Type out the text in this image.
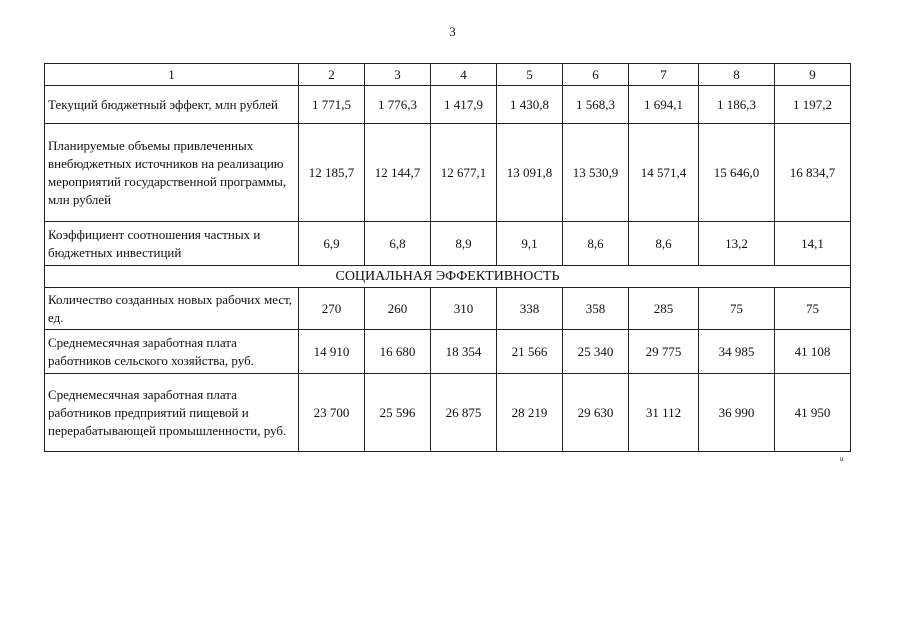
3
1	2	3	4	5	6	7	8	9
Текущий бюджетный эффект, млн рублей	1 771,5	1 776,3	1 417,9	1 430,8	1 568,3	1 694,1	1 186,3	1 197,2
Планируемые объемы привлеченных внебюджетных источников на реализацию мероприятий государственной программы, млн рублей	12 185,7	12 144,7	12 677,1	13 091,8	13 530,9	14 571,4	15 646,0	16 834,7
Коэффициент соотношения частных и бюджетных инвестиций	6,9	6,8	8,9	9,1	8,6	8,6	13,2	14,1
СОЦИАЛЬНАЯ ЭФФЕКТИВНОСТЬ								
Количество созданных новых рабочих мест, ед.	270	260	310	338	358	285	75	75
Среднемесячная заработная плата работников сельского хозяйства, руб.	14 910	16 680	18 354	21 566	25 340	29 775	34 985	41 108
Среднемесячная заработная плата работников предприятий пищевой и перерабатывающей промышленности, руб.	23 700	25 596	26 875	28 219	29 630	31 112	36 990	41 950
u
